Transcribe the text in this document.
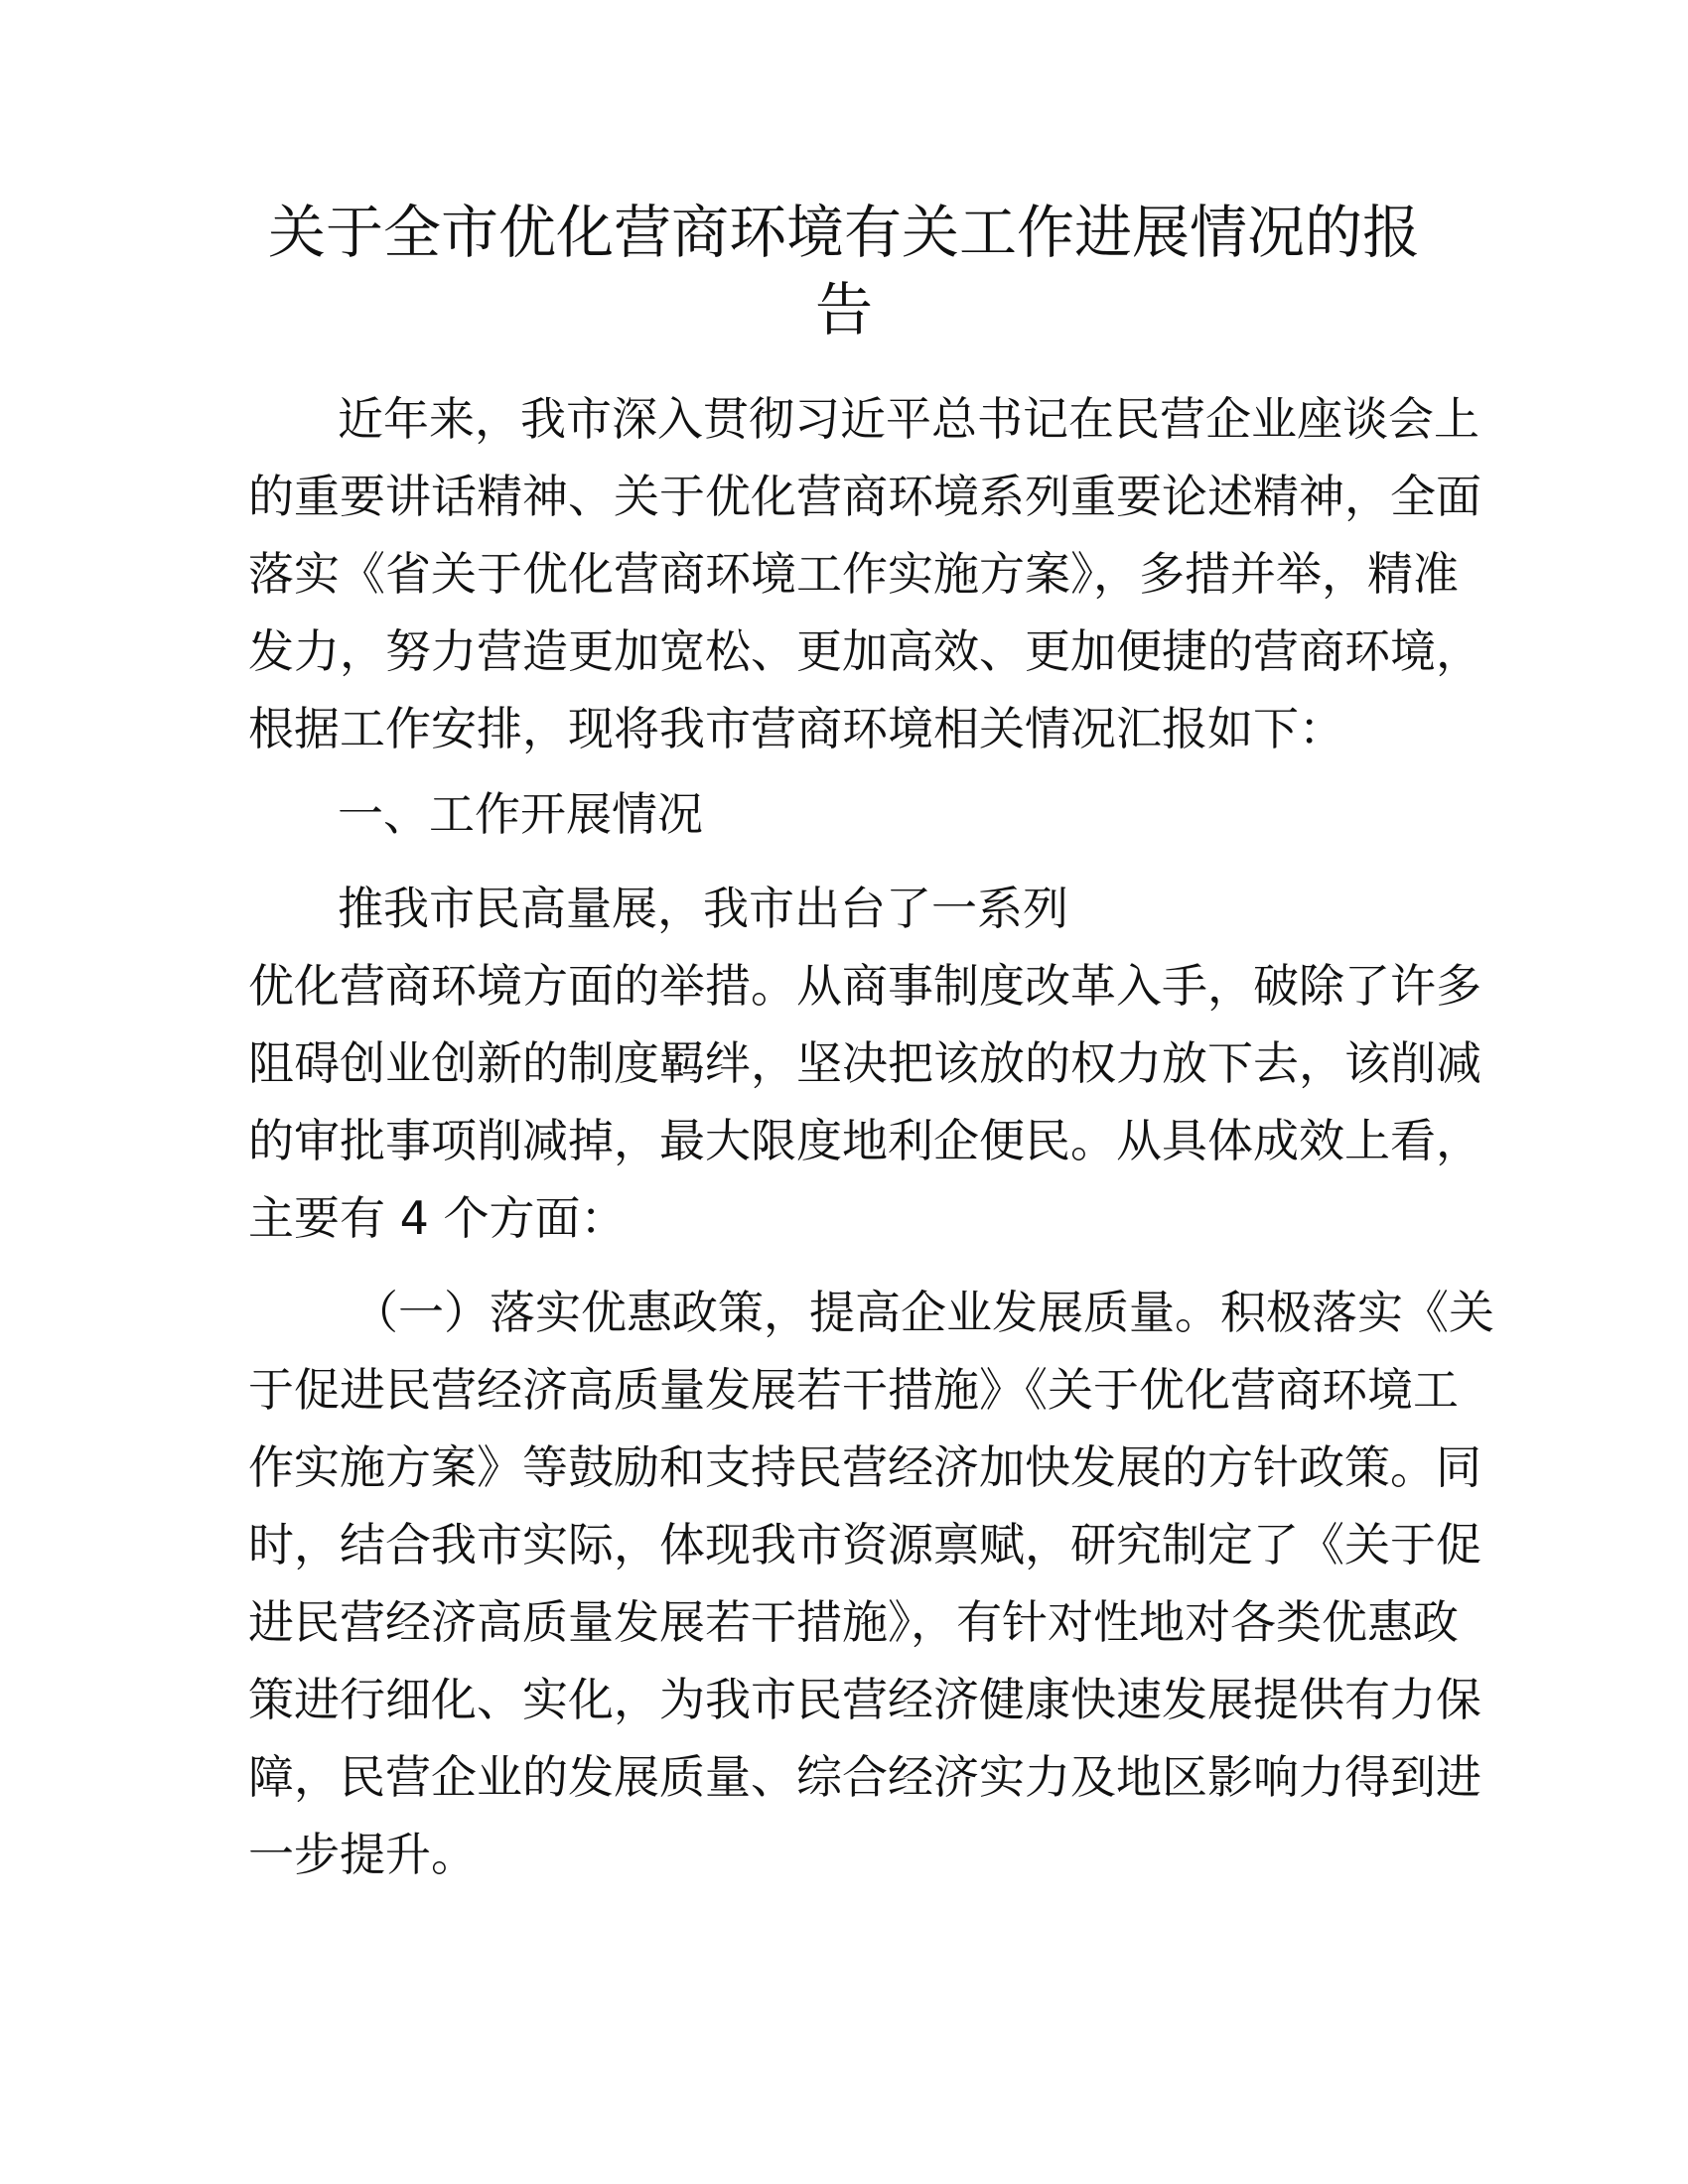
关于全市优化营商环境有关工作进展情况的报
告

近年来，我市深入贯彻习近平总书记在民营企业座谈会上

的重要讲话精神、关于优化营商环境系列重要论述精神，全面

落实《省关于优化营商环境工作实施方案》，多措并举，精准

发力，努力营造更加宽松、更加高效、更加便捷的营商环境，

根据工作安排，现将我市营商环境相关情况汇报如下：

一、工作开展情况

推我市民高量展，我市出台了一系列

优化营商环境方面的举措。从商事制度改革入手，破除了许多

阻碍创业创新的制度羁绊，坚决把该放的权力放下去，该削减

的审批事项削减掉，最大限度地利企便民。从具体成效上看，

主要有 4 个方面：

（一）落实优惠政策，提高企业发展质量。积极落实《关

于促进民营经济高质量发展若干措施》《关于优化营商环境工

作实施方案》等鼓励和支持民营经济加快发展的方针政策。同

时，结合我市实际，体现我市资源禀赋，研究制定了《关于促

进民营经济高质量发展若干措施》，有针对性地对各类优惠政

策进行细化、实化，为我市民营经济健康快速发展提供有力保

障，民营企业的发展质量、综合经济实力及地区影响力得到进

一步提升。
